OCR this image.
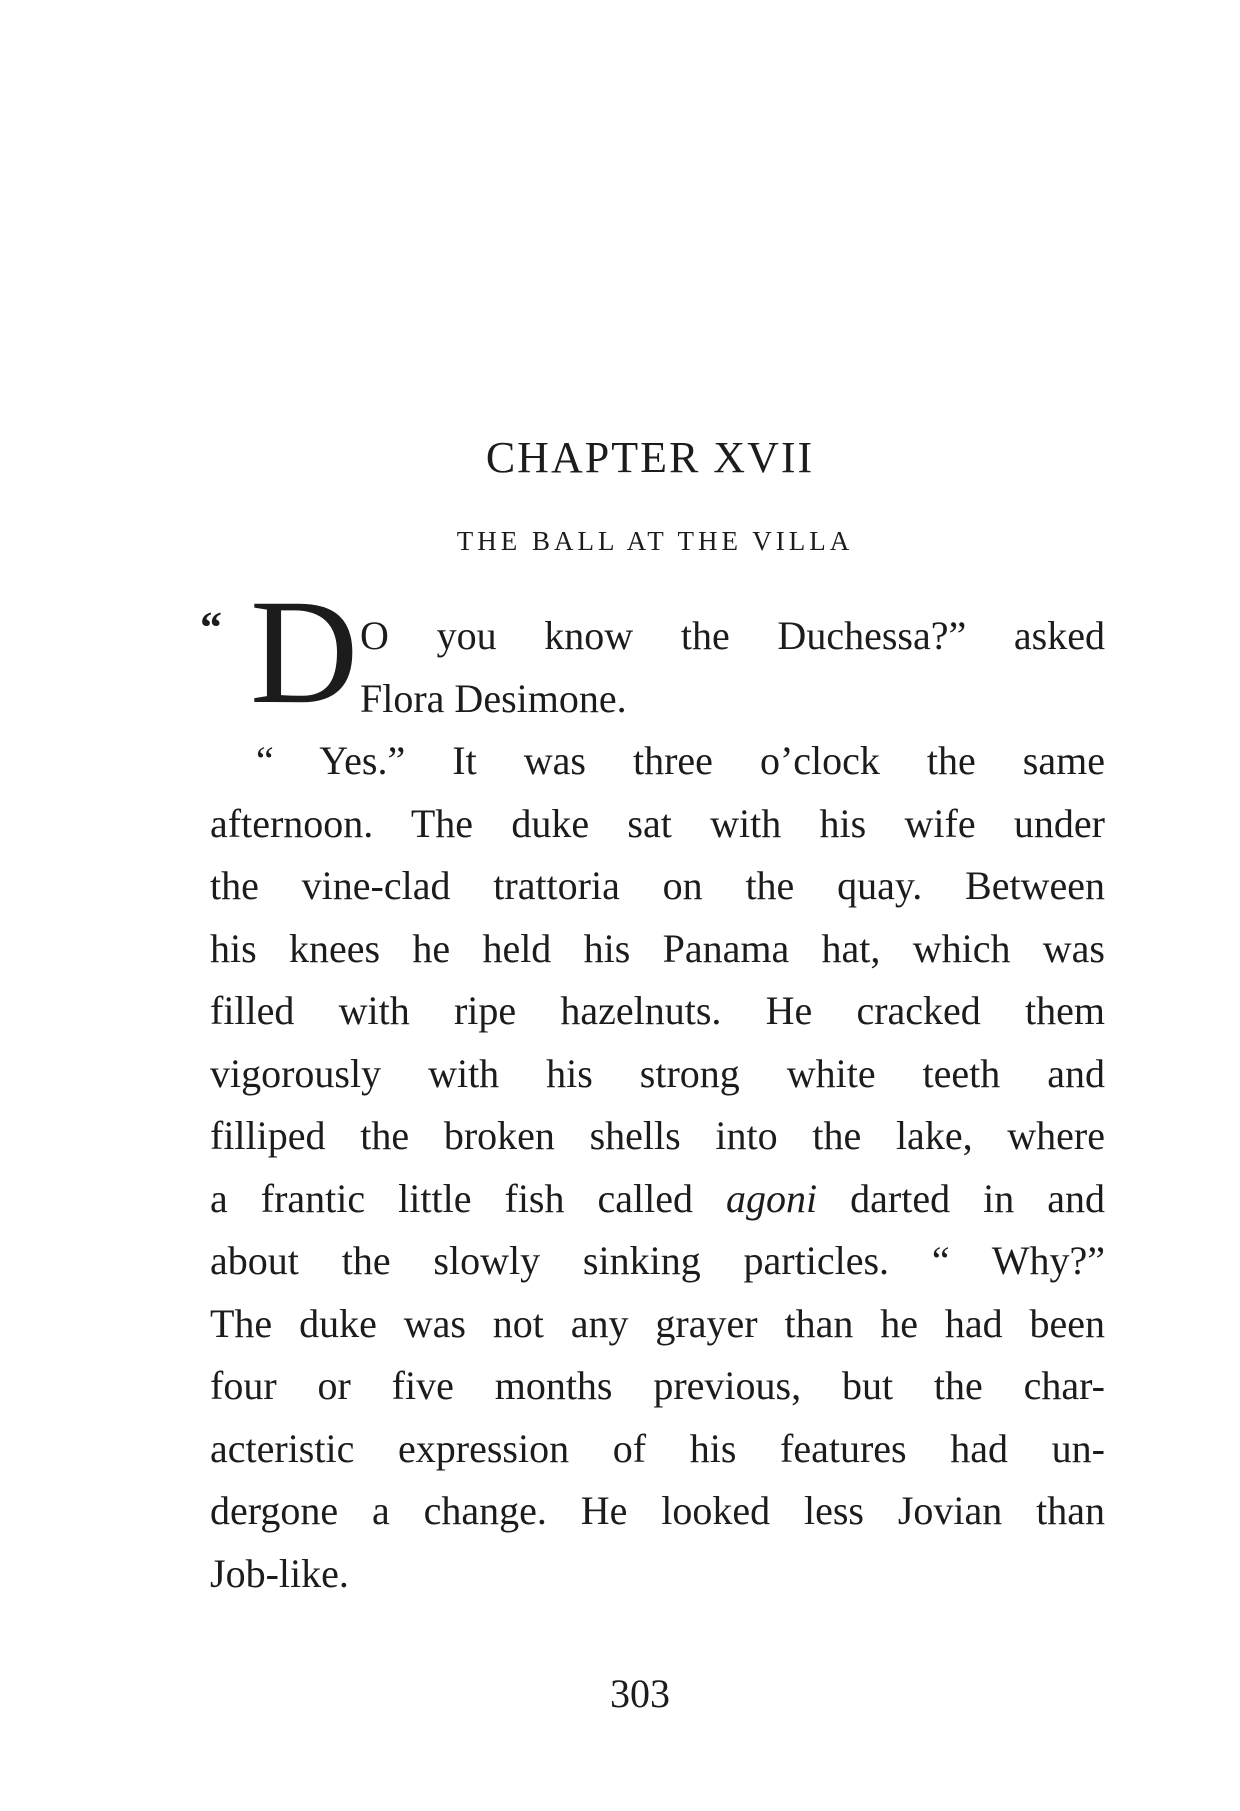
CHAPTER XVII
THE BALL AT THE VILLA
“ D O you know the Duchessa?” asked
Flora Desimone.
“ Yes.” It was three o’clock the same
afternoon. The duke sat with his wife under
the vine-clad trattoria on the quay. Between
his knees he held his Panama hat, which was
filled with ripe hazelnuts. He cracked them
vigorously with his strong white teeth and
filliped the broken shells into the lake, where
a frantic little fish called agoni darted in and
about the slowly sinking particles. “ Why?”
The duke was not any grayer than he had been
four or five months previous, but the char-
acteristic expression of his features had un-
dergone a change. He looked less Jovian than
Job-like.
303
